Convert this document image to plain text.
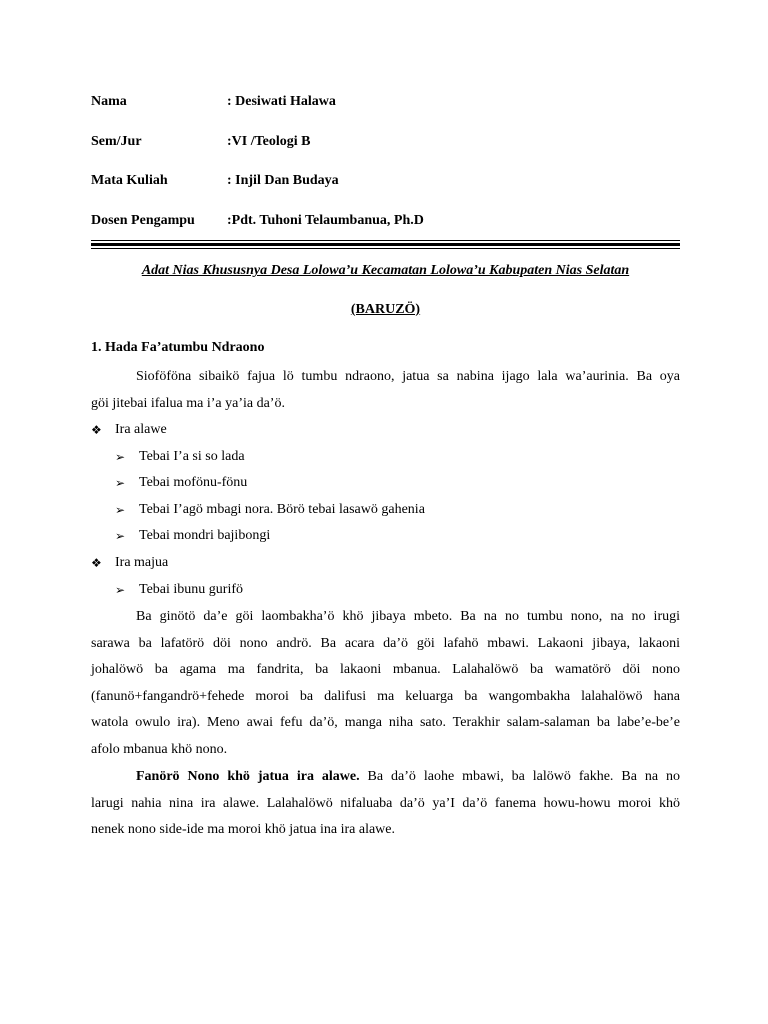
Nama	: Desiwati Halawa
Sem/Jur	:VI /Teologi B
Mata Kuliah	: Injil Dan Budaya
Dosen Pengampu :Pdt. Tuhoni Telaumbanua, Ph.D
Adat Nias Khususnya Desa Lolowa’u Kecamatan Lolowa’u Kabupaten Nias Selatan
(BARUZÖ)
1. Hada Fa’atumbu Ndraono
Sioföföna sibaikö fajua lö tumbu ndraono, jatua sa nabina ijago lala wa’aurinia. Ba oya
göi jitebai ifalua ma i’a ya’ia da’ö.
❖ Ira alawe
➢ Tebai I’a si so lada
➢ Tebai mofönu-fönu
➢ Tebai I’agö mbagi nora. Börö tebai lasawö gahenia
➢ Tebai mondri bajibongi
❖ Ira majua
➢ Tebai ibunu gurifö
Ba ginötö da’e göi laombakha’ö khö jibaya mbeto. Ba na no tumbu nono, na no irugi
sarawa ba lafatörö döi nono andrö. Ba acara da’ö göi lafahö mbawi. Lakaoni jibaya, lakaoni
johalöwö ba agama ma fandrita, ba lakaoni mbanua. Lalahalöwö ba wamatörö döi nono
(fanunö+fangandrö+fehede moroi ba dalifusi ma keluarga ba wangombakha lalahalöwö hana
watola owulo ira). Meno awai fefu da’ö, manga niha sato. Terakhir salam-salaman ba labe’e-be’e
afolo mbanua khö nono.
Fanörö Nono khö jatua ira alawe. Ba da’ö laohe mbawi, ba lalöwö fakhe. Ba na no
larugi nahia nina ira alawe. Lalahalöwö nifaluaba da’ö ya’I da’ö fanema howu-howu moroi khö
nenek nono side-ide ma moroi khö jatua ina ira alawe.
